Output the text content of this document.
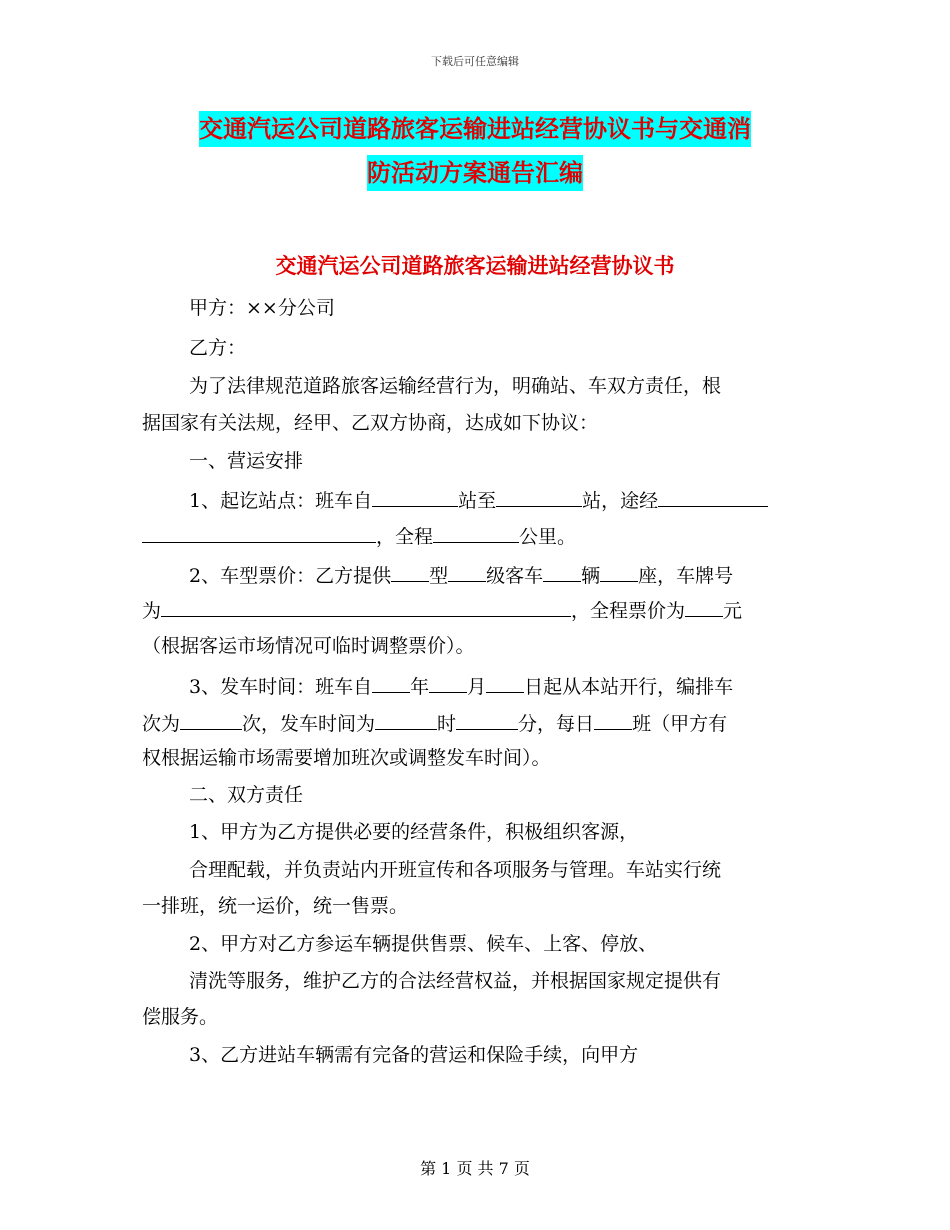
下载后可任意编辑
交通汽运公司道路旅客运输进站经营协议书与交通消
防活动方案通告汇编
交通汽运公司道路旅客运输进站经营协议书
甲方：××分公司
乙方：
为了法律规范道路旅客运输经营行为，明确站、车双方责任，根
据国家有关法规，经甲、乙双方协商，达成如下协议：
一、营运安排
1、起讫站点：班车自	站至	站，途经
，全程	公里。
2、车型票价：乙方提供 型 级客车 辆 座，车牌号
为	，全程票价为 元
（根据客运市场情况可临时调整票价）。
3、发车时间：班车自 年 月 日起从本站开行，编排车
次为	次，发车时间为	时	分，每日 班（甲方有
权根据运输市场需要增加班次或调整发车时间）。
二、双方责任
1、甲方为乙方提供必要的经营条件，积极组织客源，
合理配载，并负责站内开班宣传和各项服务与管理。车站实行统
一排班，统一运价，统一售票。
2、甲方对乙方参运车辆提供售票、候车、上客、停放、
清洗等服务，维护乙方的合法经营权益，并根据国家规定提供有
偿服务。
3、乙方进站车辆需有完备的营运和保险手续，向甲方
第 1 页 共 7 页
